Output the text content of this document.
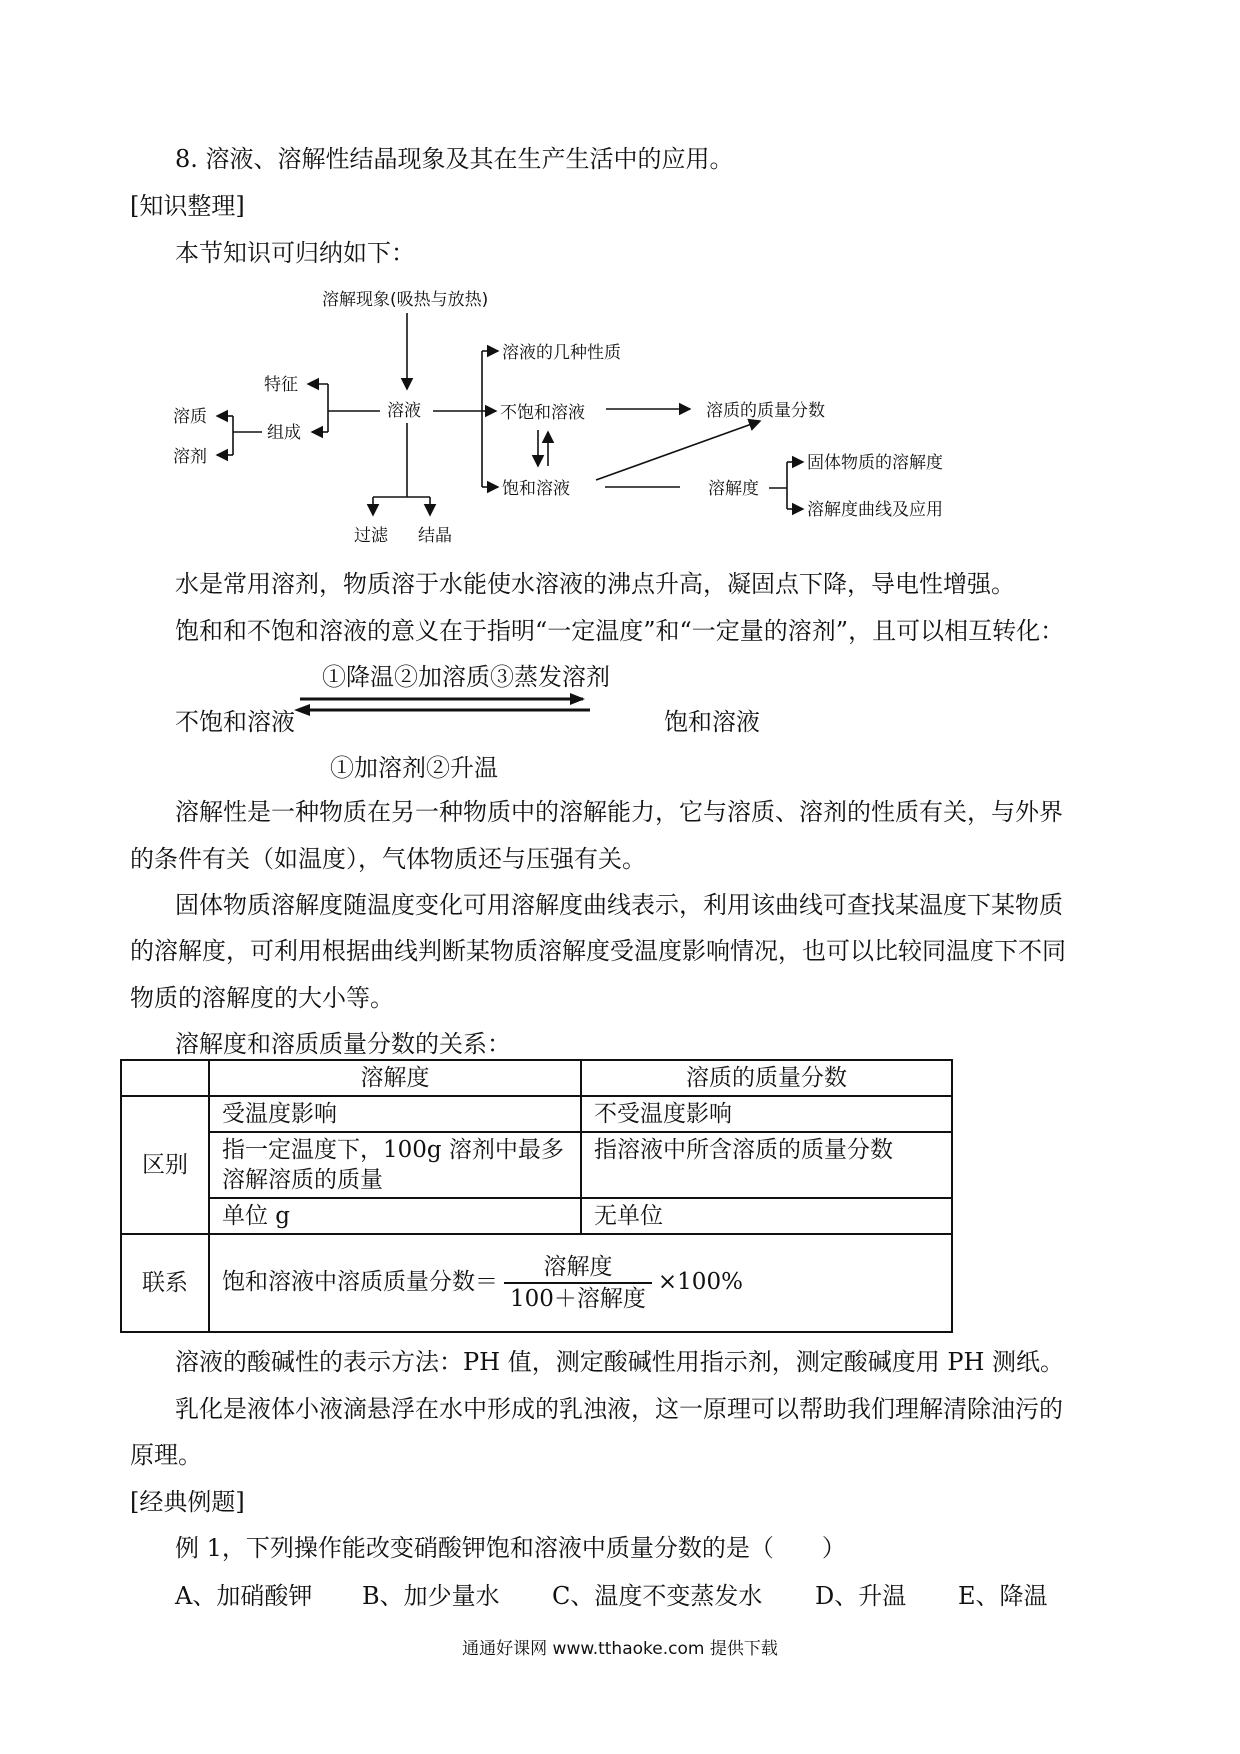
8. 溶液、溶解性结晶现象及其在生产生活中的应用。
[知识整理]
本节知识可归纳如下：
溶解现象(吸热与放热)
溶液
特征
组成
溶质
溶剂
溶液的几种性质
不饱和溶液
饱和溶液
溶质的质量分数
溶解度
固体物质的溶解度
溶解度曲线及应用
过滤 结晶
水是常用溶剂，物质溶于水能使水溶液的沸点升高，凝固点下降，导电性增强。
饱和和不饱和溶液的意义在于指明“一定温度”和“一定量的溶剂”，且可以相互转化：
①降温②加溶质③蒸发溶剂
不饱和溶液	饱和溶液
①加溶剂②升温
溶解性是一种物质在另一种物质中的溶解能力，它与溶质、溶剂的性质有关，与外界
的条件有关（如温度），气体物质还与压强有关。
固体物质溶解度随温度变化可用溶解度曲线表示，利用该曲线可查找某温度下某物质
的溶解度，可利用根据曲线判断某物质溶解度受温度影响情况，也可以比较同温度下不同
物质的溶解度的大小等。
溶解度和溶质质量分数的关系：
	溶解度	溶质的质量分数
区别	受温度影响	不受温度影响
	指一定温度下，100g 溶剂中最多溶解溶质的质量	指溶液中所含溶质的质量分数
	单位 g	无单位
联系	饱和溶液中溶质质量分数＝ $\frac{\text{溶解度}}{\text{100＋溶解度}} \times 100\%$	
溶液的酸碱性的表示方法：PH 值，测定酸碱性用指示剂，测定酸碱度用 PH 测纸。
乳化是液体小液滴悬浮在水中形成的乳浊液，这一原理可以帮助我们理解清除油污的
原理。
[经典例题]
例 1，下列操作能改变硝酸钾饱和溶液中质量分数的是（　　）
A、加硝酸钾 B、加少量水 C、温度不变蒸发水 D、升温 E、降温
通通好课网 www.tthaoke.com 提供下载
